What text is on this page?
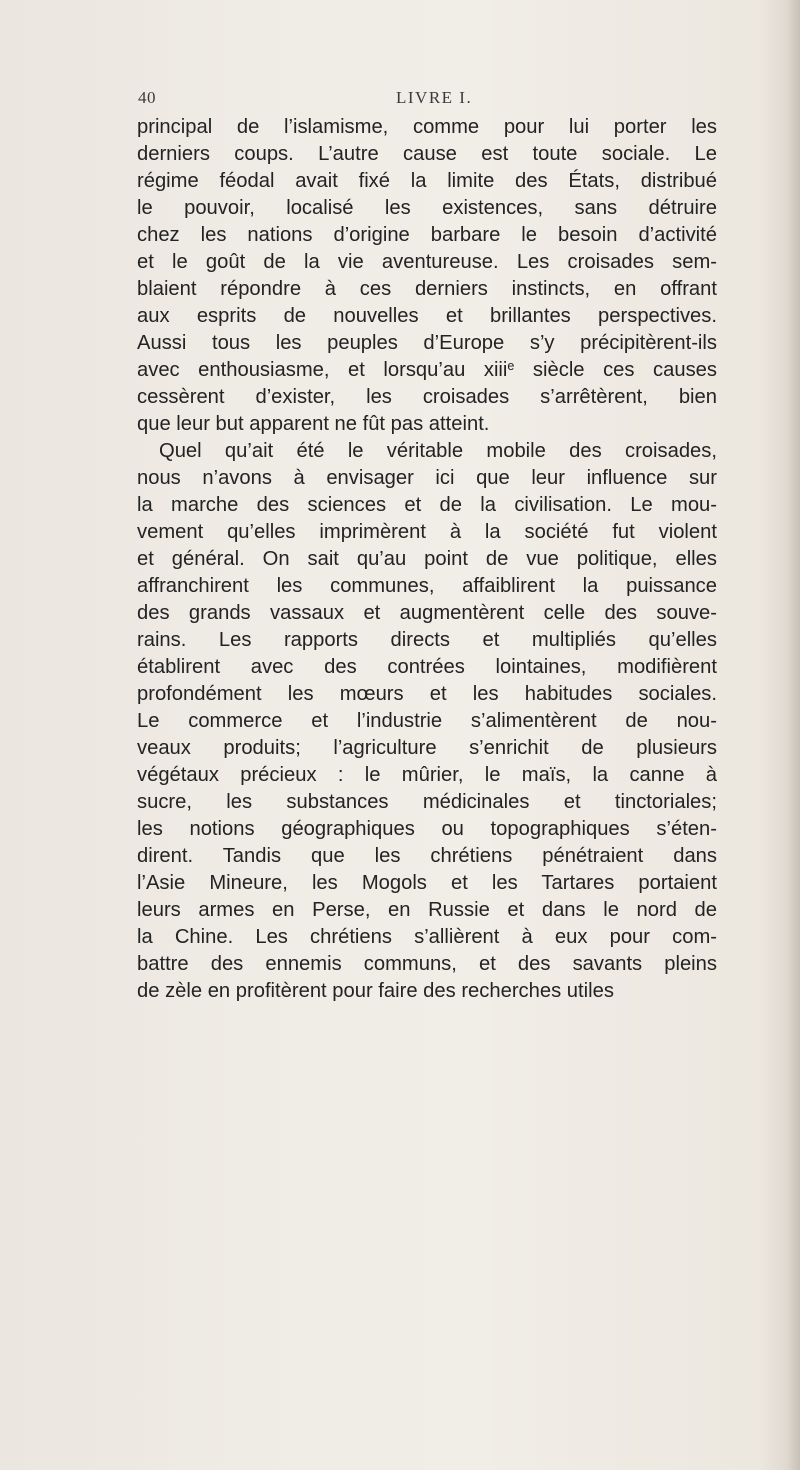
40	LIVRE I.
principal de l’islamisme, comme pour lui porter les
derniers coups. L’autre cause est toute sociale. Le
régime féodal avait fixé la limite des États, distribué
le pouvoir, localisé les existences, sans détruire
chez les nations d’origine barbare le besoin d’activité
et le goût de la vie aventureuse. Les croisades sem-
blaient répondre à ces derniers instincts, en offrant
aux esprits de nouvelles et brillantes perspectives.
Aussi tous les peuples d’Europe s’y précipitèrent-ils
avec enthousiasme, et lorsqu’au xiii$^e$ siècle ces causes
cessèrent d’exister, les croisades s’arrêtèrent, bien
que leur but apparent ne fût pas atteint.
Quel qu’ait été le véritable mobile des croisades,
nous n’avons à envisager ici que leur influence sur
la marche des sciences et de la civilisation. Le mou-
vement qu’elles imprimèrent à la société fut violent
et général. On sait qu’au point de vue politique, elles
affranchirent les communes, affaiblirent la puissance
des grands vassaux et augmentèrent celle des souve-
rains. Les rapports directs et multipliés qu’elles
établirent avec des contrées lointaines, modifièrent
profondément les mœurs et les habitudes sociales.
Le commerce et l’industrie s’alimentèrent de nou-
veaux produits; l’agriculture s’enrichit de plusieurs
végétaux précieux : le mûrier, le maïs, la canne à
sucre, les substances médicinales et tinctoriales;
les notions géographiques ou topographiques s’éten-
dirent. Tandis que les chrétiens pénétraient dans
l’Asie Mineure, les Mogols et les Tartares portaient
leurs armes en Perse, en Russie et dans le nord de
la Chine. Les chrétiens s’allièrent à eux pour com-
battre des ennemis communs, et des savants pleins
de zèle en profitèrent pour faire des recherches utiles
